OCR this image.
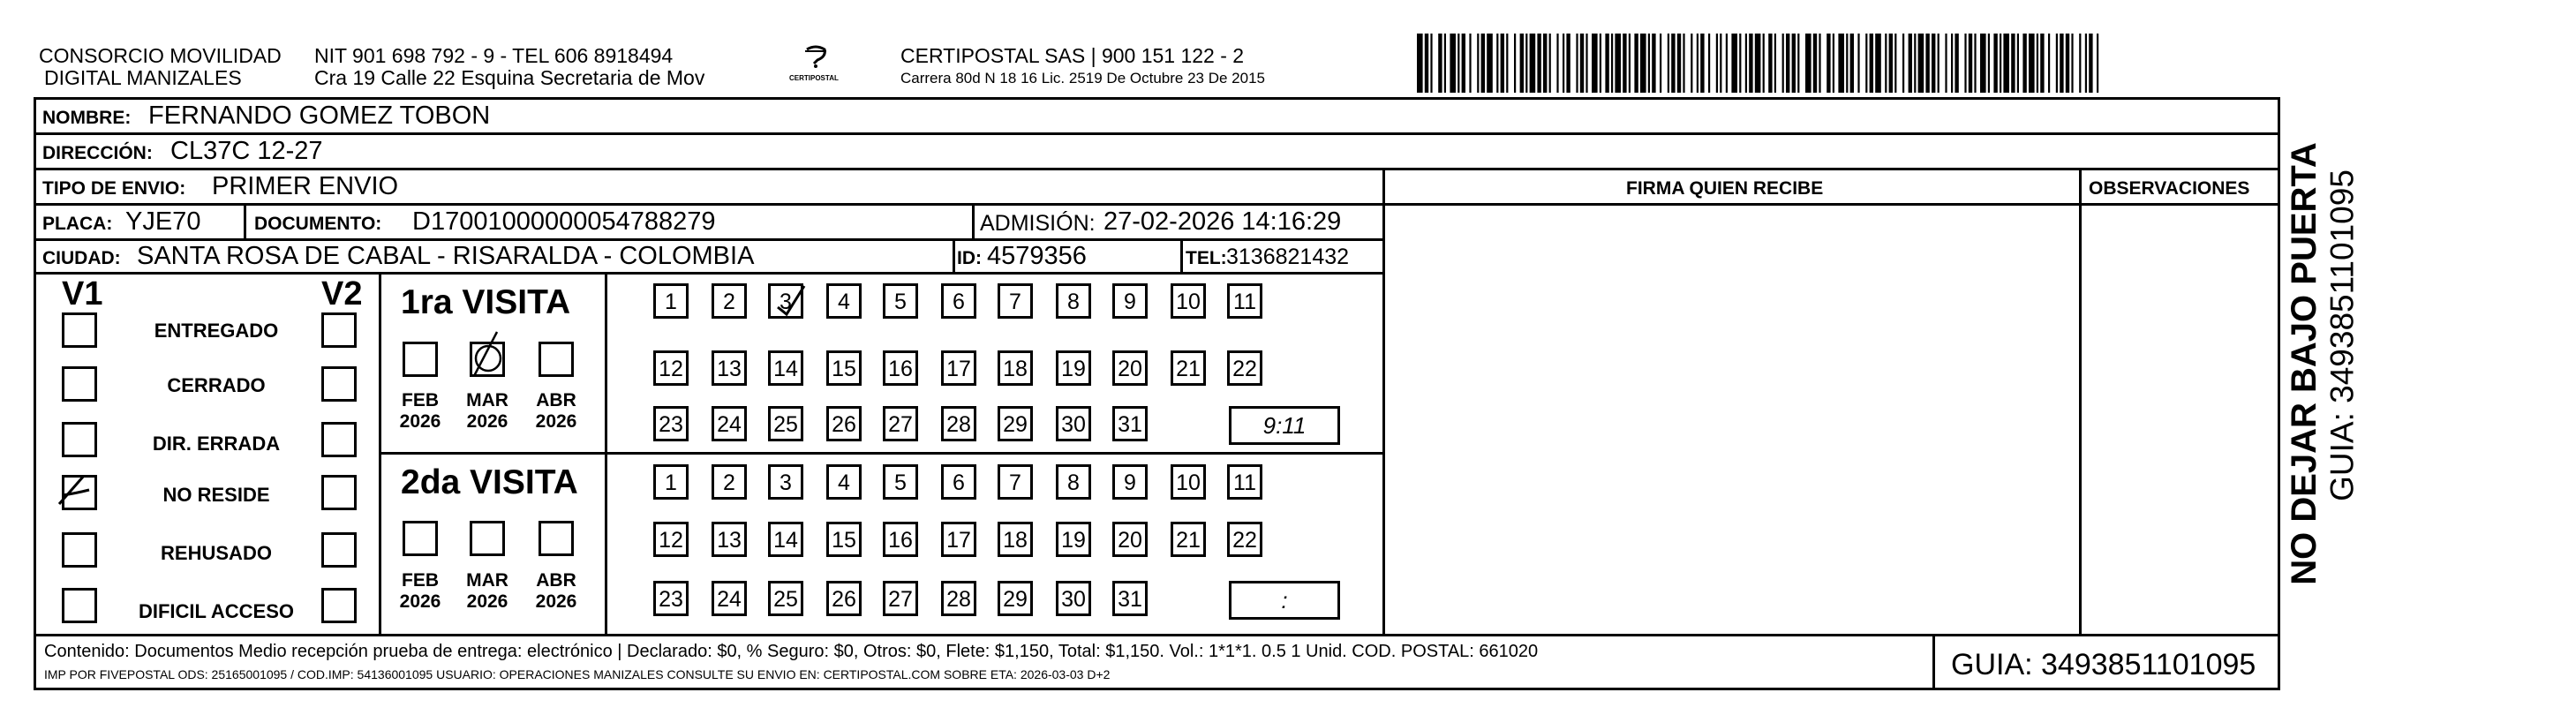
CONSORCIO MOVILIDAD
DIGITAL MANIZALES
NIT 901 698 792 - 9 - TEL 606 8918494
Cra 19 Calle 22 Esquina Secretaria de Mov	CERTIPOSTAL
CERTIPOSTAL SAS | 900 151 122 - 2
Carrera 80d N 18 16 Lic. 2519 De Octubre 23 De 2015
NOMBRE: FERNANDO GOMEZ TOBON
DIRECCIÓN: CL37C 12-27
TIPO DE ENVIO: PRIMER ENVIO	FIRMA QUIEN RECIBE	OBSERVACIONES
PLACA: YJE70	DOCUMENTO: D17001000000054788279	ADMISIÓN: 27-02-2026 14:16:29
CIUDAD: SANTA ROSA DE CABAL - RISARALDA - COLOMBIA	ID: 4579356	TEL: 3136821432
V1	V2
ENTREGADO
CERRADO
DIR. ERRADA
NO RESIDE
REHUSADO
DIFICIL ACCESO
1ra VISITA
FEB
2026
MAR
2026
ABR
2026
2da VISITA
FEB
2026
MAR
2026
ABR
2026
1	2	3	4	5	6	7	8	9	10 11
12 13 14 15 16 17 18 19 20 21 22
23 24 25 26 27 28 29 30 31	9:11
1	2	3	4	5	6	7	8	9	10 11
12 13 14 15 16 17 18 19 20 21 22
23 24 25 26 27 28 29 30 31	:
Contenido: Documentos Medio recepción prueba de entrega: electrónico | Declarado: $0, % Seguro: $0, Otros: $0, Flete: $1,150, Total: $1,150. Vol.: 1*1*1. 0.5 1 Unid. COD. POSTAL: 661020
IMP POR FIVEPOSTAL ODS: 25165001095 / COD.IMP: 54136001095 USUARIO: OPERACIONES MANIZALES CONSULTE SU ENVIO EN: CERTIPOSTAL.COM SOBRE ETA: 2026-03-03 D+2	GUIA: 3493851101095
NO DEJAR BAJO PUERTA GUIA: 3493851101095
